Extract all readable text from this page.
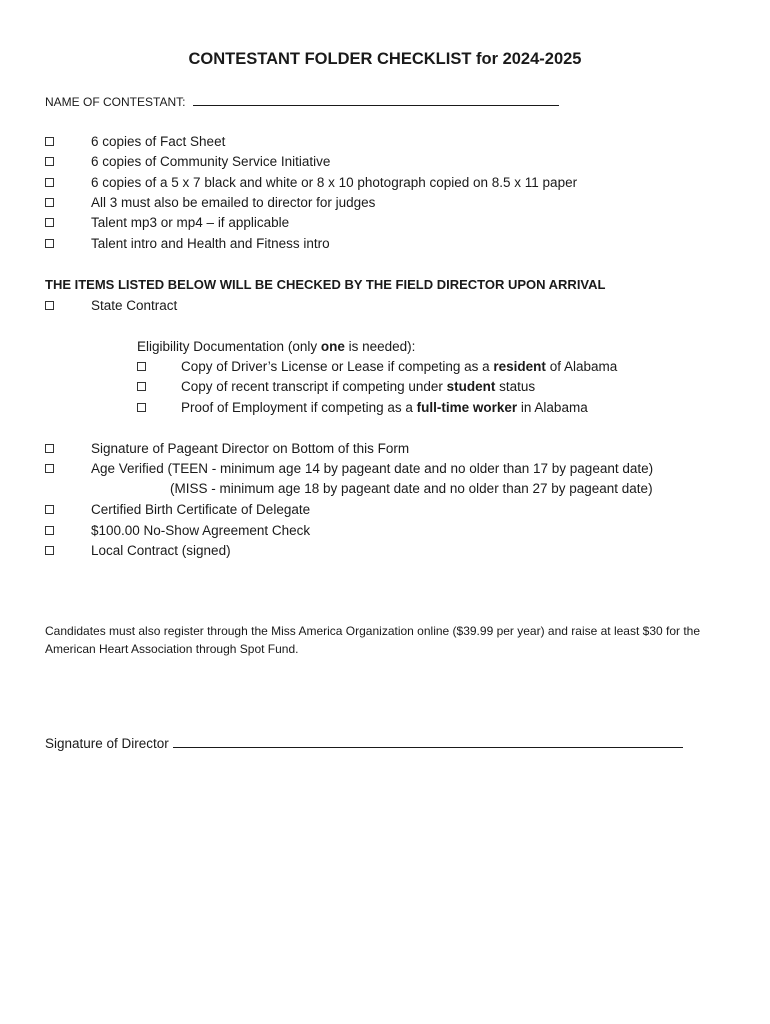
CONTESTANT FOLDER CHECKLIST for 2024-2025
NAME OF CONTESTANT:
6 copies of Fact Sheet
6 copies of Community Service Initiative
6 copies of a 5 x 7 black and white or 8 x 10 photograph copied on 8.5 x 11 paper
All 3 must also be emailed to director for judges
Talent mp3 or mp4 – if applicable
Talent intro and Health and Fitness intro
THE ITEMS LISTED BELOW WILL BE CHECKED BY THE FIELD DIRECTOR UPON ARRIVAL
State Contract
Eligibility Documentation (only one is needed):
Copy of Driver’s License or Lease if competing as a resident of Alabama
Copy of recent transcript if competing under student status
Proof of Employment if competing as a full-time worker in Alabama
Signature of Pageant Director on Bottom of this Form
Age Verified (TEEN - minimum age 14 by pageant date and no older than 17 by pageant date)
(MISS - minimum age 18 by pageant date and no older than 27 by pageant date)
Certified Birth Certificate of Delegate
$100.00 No-Show Agreement Check
Local Contract (signed)
Candidates must also register through the Miss America Organization online ($39.99 per year) and raise at least $30 for the American Heart Association through Spot Fund.
Signature of Director
